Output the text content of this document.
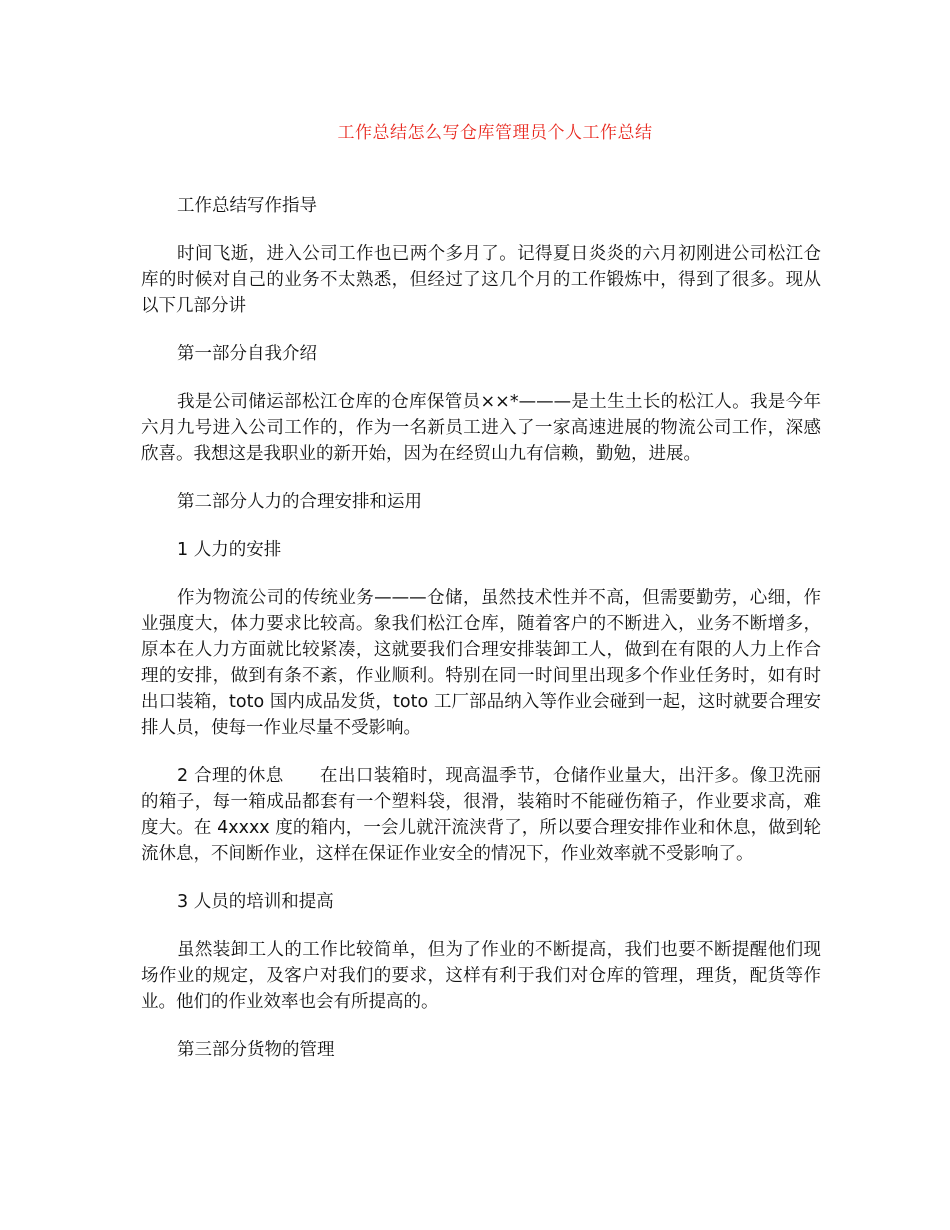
工作总结怎么写仓库管理员个人工作总结

工作总结写作指导

时间飞逝，进入公司工作也已两个多月了。记得夏日炎炎的六月初刚进公司松江仓库的时候对自己的业务不太熟悉，但经过了这几个月的工作锻炼中，得到了很多。现从以下几部分讲

第一部分自我介绍

我是公司储运部松江仓库的仓库保管员××*———是土生土长的松江人。我是今年六月九号进入公司工作的，作为一名新员工进入了一家高速进展的物流公司工作，深感欣喜。我想这是我职业的新开始，因为在经贸山九有信赖，勤勉，进展。

第二部分人力的合理安排和运用

1 人力的安排

作为物流公司的传统业务———仓储，虽然技术性并不高，但需要勤劳，心细，作业强度大，体力要求比较高。象我们松江仓库，随着客户的不断进入，业务不断增多，原本在人力方面就比较紧凑，这就要我们合理安排装卸工人，做到在有限的人力上作合理的安排，做到有条不紊，作业顺利。特别在同一时间里出现多个作业任务时，如有时出口装箱，toto 国内成品发货，toto 工厂部品纳入等作业会碰到一起，这时就要合理安排人员，使每一作业尽量不受影响。

2 合理的休息 在出口装箱时，现高温季节，仓储作业量大，出汗多。像卫洗丽的箱子，每一箱成品都套有一个塑料袋，很滑，装箱时不能碰伤箱子，作业要求高，难度大。在 4xxxx 度的箱内，一会儿就汗流浃背了，所以要合理安排作业和休息，做到轮流休息，不间断作业，这样在保证作业安全的情况下，作业效率就不受影响了。

3 人员的培训和提高

虽然装卸工人的工作比较简单，但为了作业的不断提高，我们也要不断提醒他们现场作业的规定，及客户对我们的要求，这样有利于我们对仓库的管理，理货，配货等作业。他们的作业效率也会有所提高的。

第三部分货物的管理
